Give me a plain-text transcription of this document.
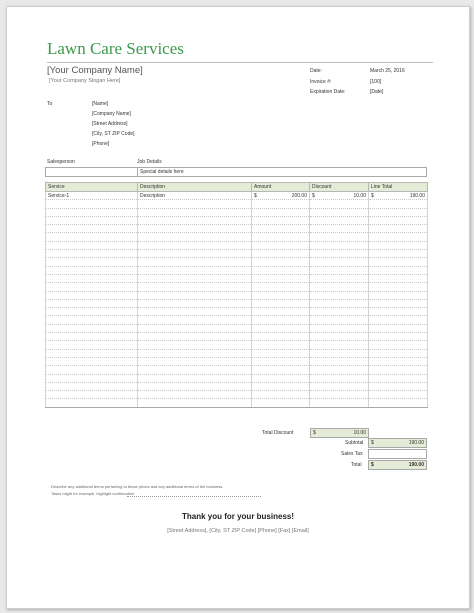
Lawn Care Services
[Your Company Name]
[Your Company Slogan Here]
Date:	March 25, 2016
Invoice #:	[100]
Expiration Date:	[Date]
To	[Name]
[Company Name]
[Street Address]
[City, ST ZIP Code]
[Phone]
Salesperson	Job Details
Special details here
Service	Description	Amount	Discount	Line Total
Service-1	Description	$ 200.00	$ 10.00	$ 190.00

Total Discount	$	10.00
Subtotal $	190.00
Sales Tax
Total $	190.00
Describe any additional terms pertaining to these prices and any additional terms of the business.
Tasks might for example, highlight confirmation
Thank you for your business!
[Street Address], [City, ST ZIP Code] [Phone] [Fax] [Email]
